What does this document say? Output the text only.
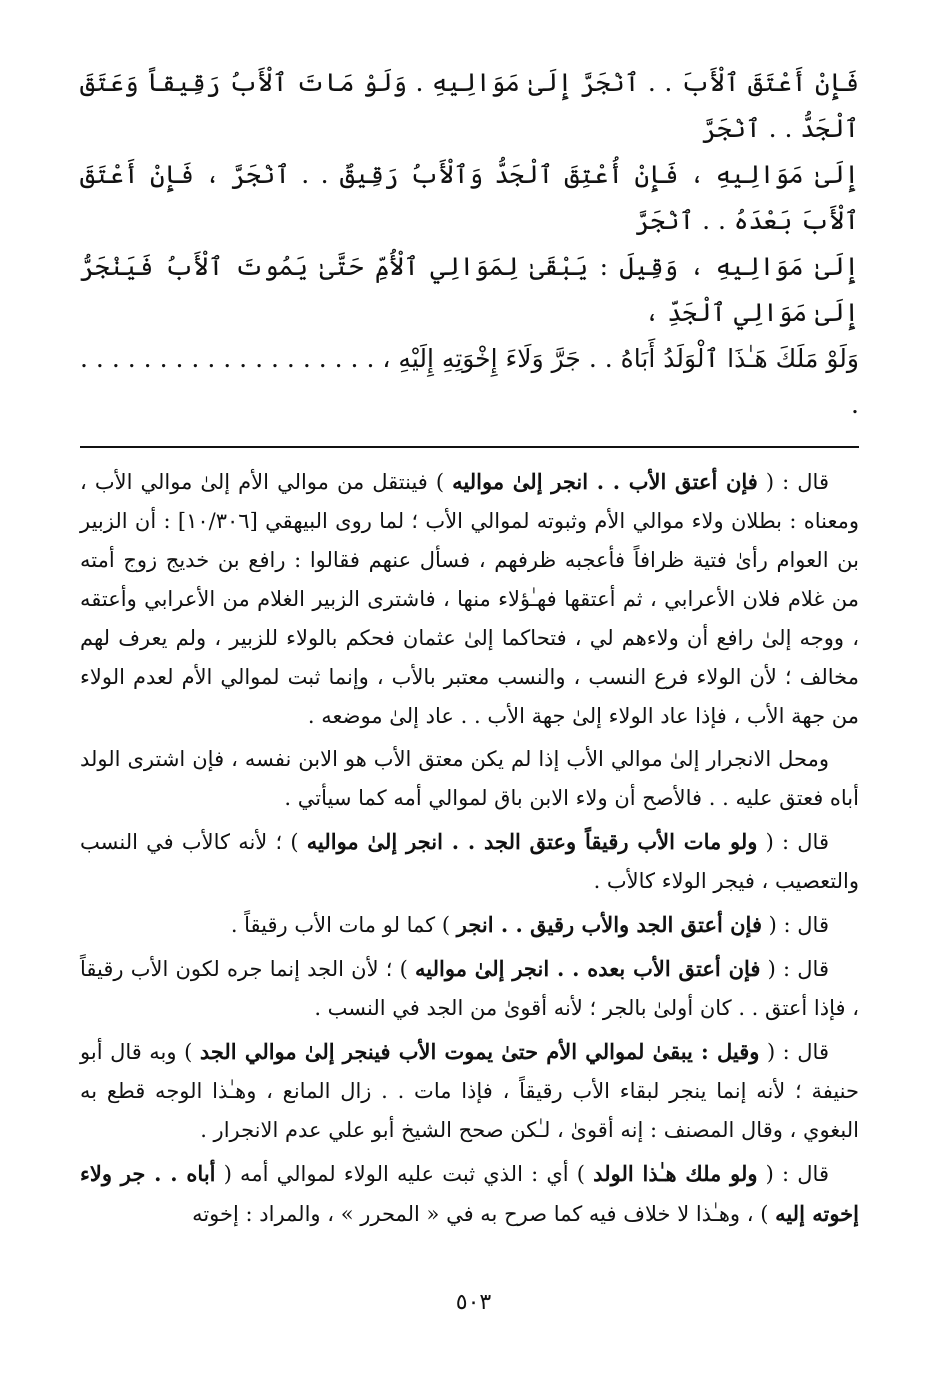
فَإِنْ أَعْتَقَ ٱلْأَبَ . . ٱنْجَرَّ إِلَىٰ مَوَالِيهِ . وَلَوْ مَاتَ ٱلْأَبُ رَقِيقاً وَعَتَقَ ٱلْجَدُّ . . ٱنْجَرَّ

إِلَىٰ مَوَالِيهِ ، فَإِنْ أُعْتِقَ ٱلْجَدُّ وَٱلْأَبُ رَقِيقٌ . . ٱنْجَرَّ ، فَإِنْ أَعْتَقَ ٱلْأَبَ بَعْدَهُ . . ٱنْجَرَّ

إِلَىٰ مَوَالِيهِ ، وَقِيلَ : يَبْقَىٰ لِمَوَالِي ٱلْأُمِّ حَتَّىٰ يَمُوتَ ٱلْأَبُ فَيَنْجَرُّ إِلَىٰ مَوَالِي ٱلْجَدِّ ،

وَلَوْ مَلَكَ هَـٰذَا ٱلْوَلَدُ أَبَاهُ . . جَرَّ وَلَاءَ إِخْوَتِهِ إِلَيْهِ ، . . . . . . . . . . . . . . . . . . . .

قال : ( فإن أعتق الأب . . انجر إلىٰ مواليه ) فينتقل من موالي الأم إلىٰ موالي الأب ، ومعناه : بطلان ولاء موالي الأم وثبوته لموالي الأب ؛ لما روى البيهقي [١٠/٣٠٦] : أن الزبير بن العوام رأىٰ فتية ظرافاً فأعجبه ظرفهم ، فسأل عنهم فقالوا : رافع بن خديج زوج أمته من غلام فلان الأعرابي ، ثم أعتقها فهـٰؤلاء منها ، فاشترى الزبير الغلام من الأعرابي وأعتقه ، ووجه إلىٰ رافع أن ولاءهم لي ، فتحاكما إلىٰ عثمان فحكم بالولاء للزبير ، ولم يعرف لهم مخالف ؛ لأن الولاء فرع النسب ، والنسب معتبر بالأب ، وإنما ثبت لموالي الأم لعدم الولاء من جهة الأب ، فإذا عاد الولاء إلىٰ جهة الأب . . عاد إلىٰ موضعه .

ومحل الانجرار إلىٰ موالي الأب إذا لم يكن معتق الأب هو الابن نفسه ، فإن اشترى الولد أباه فعتق عليه . . فالأصح أن ولاء الابن باق لموالي أمه كما سيأتي .

قال : ( ولو مات الأب رقيقاً وعتق الجد . . انجر إلىٰ مواليه ) ؛ لأنه كالأب في النسب والتعصيب ، فيجر الولاء كالأب .

قال : ( فإن أعتق الجد والأب رقيق . . انجر ) كما لو مات الأب رقيقاً .

قال : ( فإن أعتق الأب بعده . . انجر إلىٰ مواليه ) ؛ لأن الجد إنما جره لكون الأب رقيقاً ، فإذا أعتق . . كان أولىٰ بالجر ؛ لأنه أقوىٰ من الجد في النسب .

قال : ( وقيل : يبقىٰ لموالي الأم حتىٰ يموت الأب فينجر إلىٰ موالي الجد ) وبه قال أبو حنيفة ؛ لأنه إنما ينجر لبقاء الأب رقيقاً ، فإذا مات . . زال المانع ، وهـٰذا الوجه قطع به البغوي ، وقال المصنف : إنه أقوىٰ ، لـٰكن صحح الشيخ أبو علي عدم الانجرار .

قال : ( ولو ملك هـٰذا الولد ) أي : الذي ثبت عليه الولاء لموالي أمه ( أباه . . جر ولاء إخوته إليه ) ، وهـٰذا لا خلاف فيه كما صرح به في « المحرر » ، والمراد : إخوته

٥٠٣
